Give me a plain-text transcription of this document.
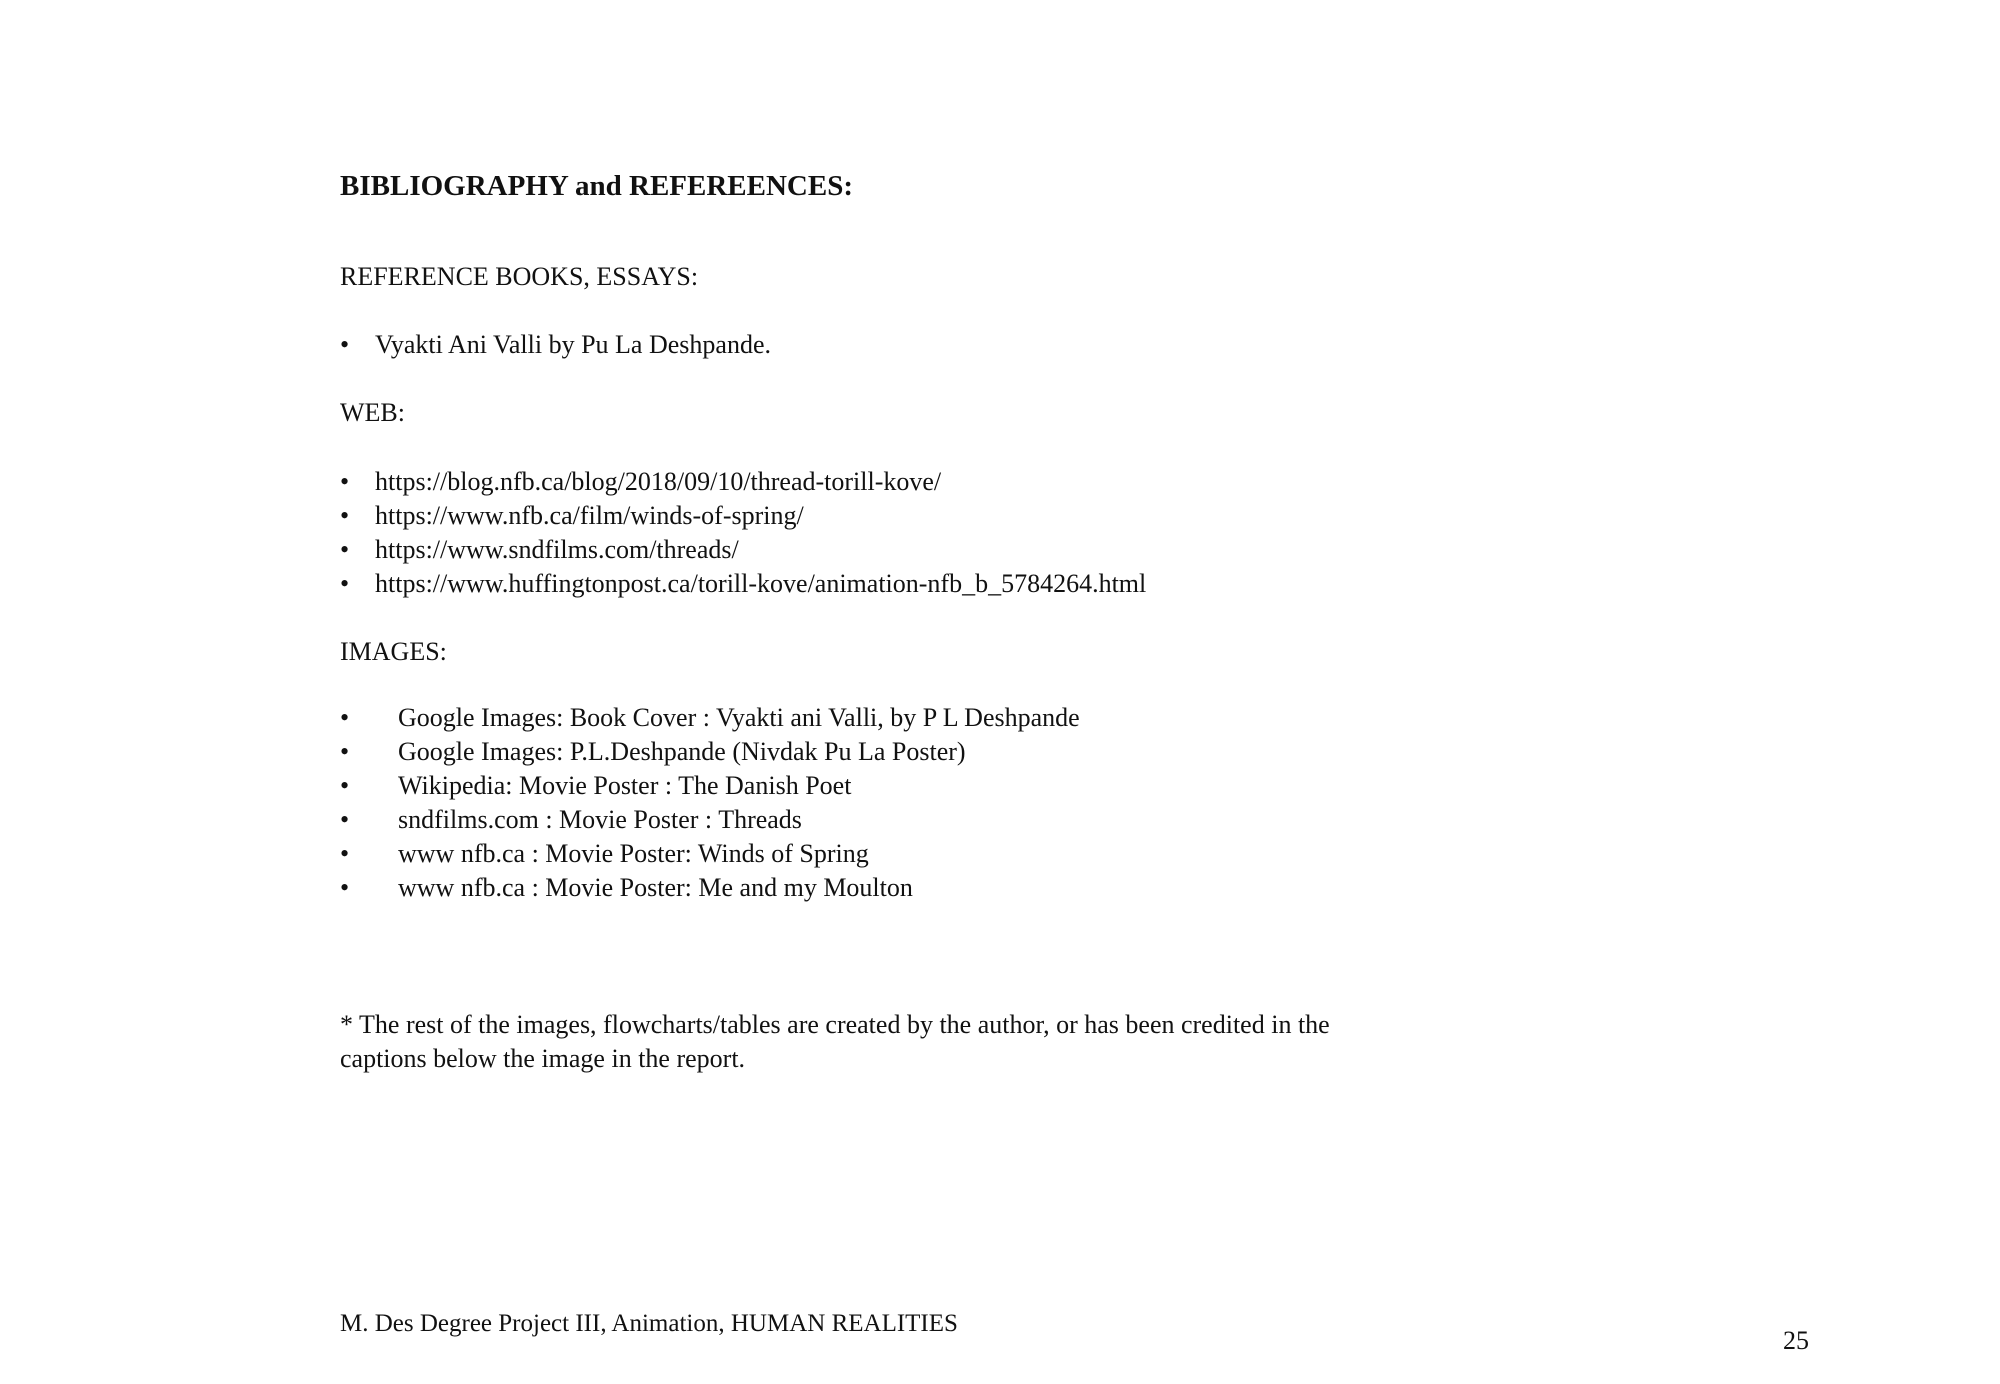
BIBLIOGRAPHY and REFEREENCES:
REFERENCE BOOKS, ESSAYS:
• Vyakti Ani Valli by Pu La Deshpande.
WEB:
• https://blog.nfb.ca/blog/2018/09/10/thread-torill-kove/
• https://www.nfb.ca/film/winds-of-spring/
• https://www.sndfilms.com/threads/
• https://www.huffingtonpost.ca/torill-kove/animation-nfb_b_5784264.html
IMAGES:
• Google Images: Book Cover : Vyakti ani Valli, by P L Deshpande
• Google Images: P.L.Deshpande (Nivdak Pu La Poster)
• Wikipedia: Movie Poster : The Danish Poet
• sndfilms.com : Movie Poster : Threads
• www nfb.ca : Movie Poster: Winds of Spring
• www nfb.ca : Movie Poster: Me and my Moulton

* The rest of the images, flowcharts/tables are created by the author, or has been credited in the captions below the image in the report.

M. Des Degree Project III, Animation, HUMAN REALITIES
25
